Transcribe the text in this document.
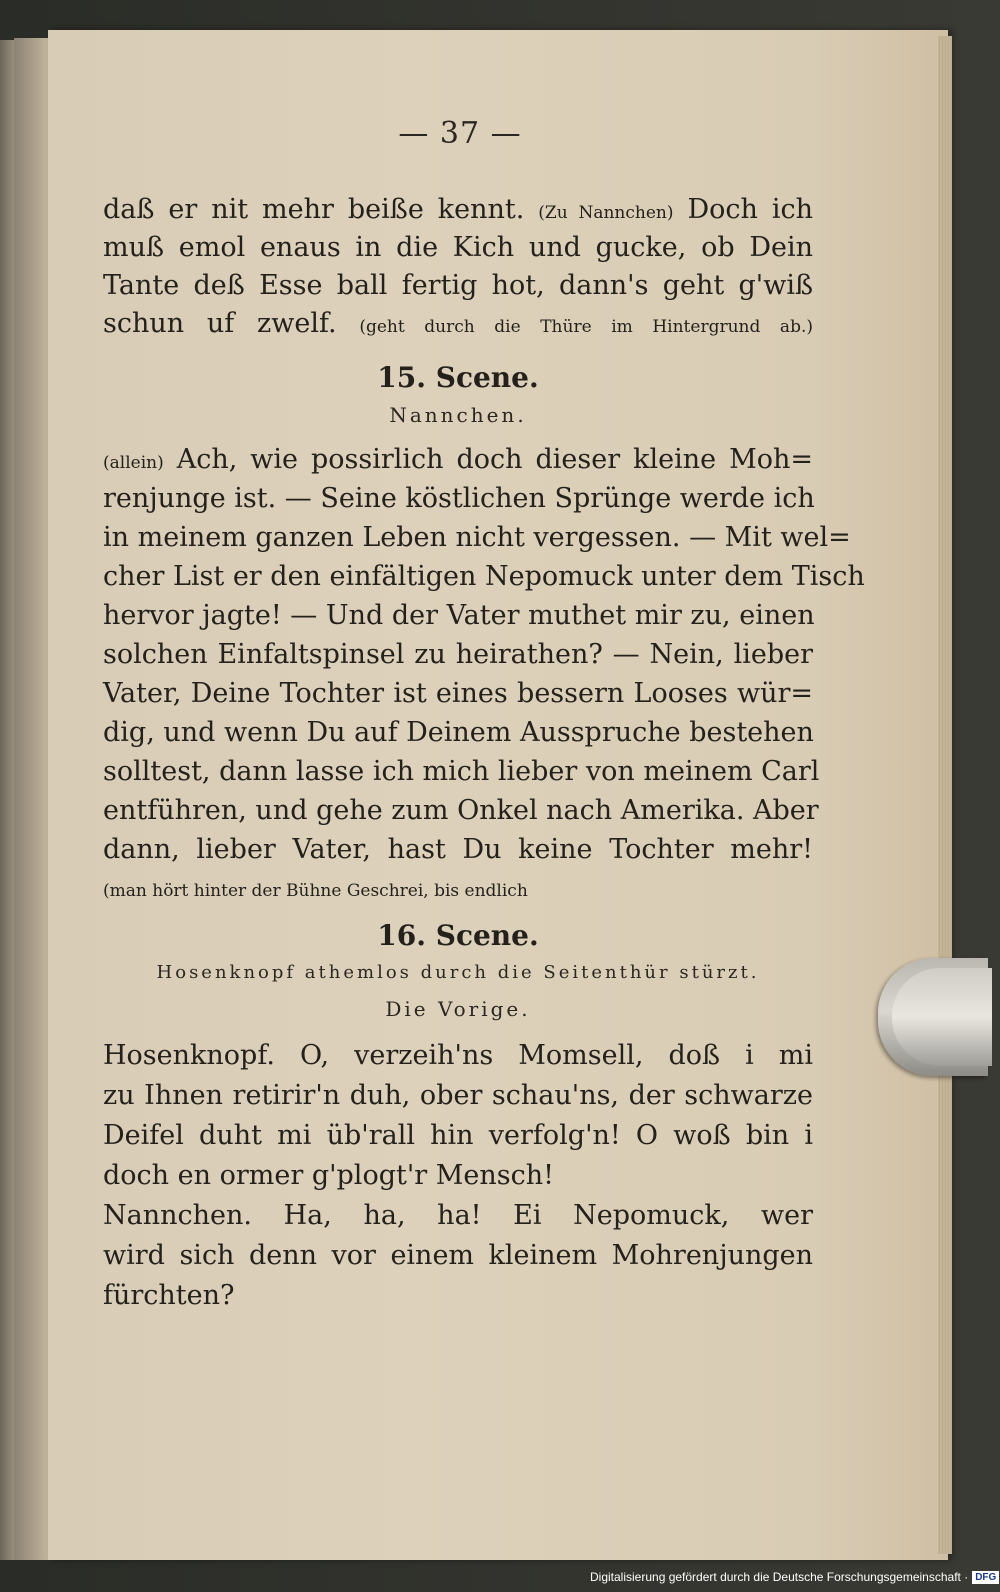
— 37 —
daß er nit mehr beiße kennt. (Zu Nannchen) Doch ich
muß emol enaus in die Kich und gucke, ob Dein
Tante deß Esse ball fertig hot, dann's geht g'wiß
schun uf zwelf. (geht durch die Thüre im Hintergrund ab.)
15. Scene.
Nannchen.
(allein) Ach, wie possirlich doch dieser kleine Moh=
renjunge ist. — Seine köstlichen Sprünge werde ich
in meinem ganzen Leben nicht vergessen. — Mit wel=
cher List er den einfältigen Nepomuck unter dem Tisch
hervor jagte! — Und der Vater muthet mir zu, einen
solchen Einfaltspinsel zu heirathen? — Nein, lieber
Vater, Deine Tochter ist eines bessern Looses wür=
dig, und wenn Du auf Deinem Ausspruche bestehen
solltest, dann lasse ich mich lieber von meinem Carl
entführen, und gehe zum Onkel nach Amerika. Aber
dann, lieber Vater, hast Du keine Tochter mehr!
(man hört hinter der Bühne Geschrei, bis endlich
16. Scene.
Hosenknopf athemlos durch die Seitenthür stürzt.
Die Vorige.
Hosenknopf. O, verzeih'ns Momsell, doß i mi
zu Ihnen retirir'n duh, ober schau'ns, der schwarze
Deifel duht mi üb'rall hin verfolg'n! O woß bin i
doch en ormer g'plogt'r Mensch!
Nannchen. Ha, ha, ha! Ei Nepomuck, wer
wird sich denn vor einem kleinem Mohrenjungen
fürchten?
Digitalisierung gefördert durch die Deutsche Forschungsgemeinschaft · DFG
